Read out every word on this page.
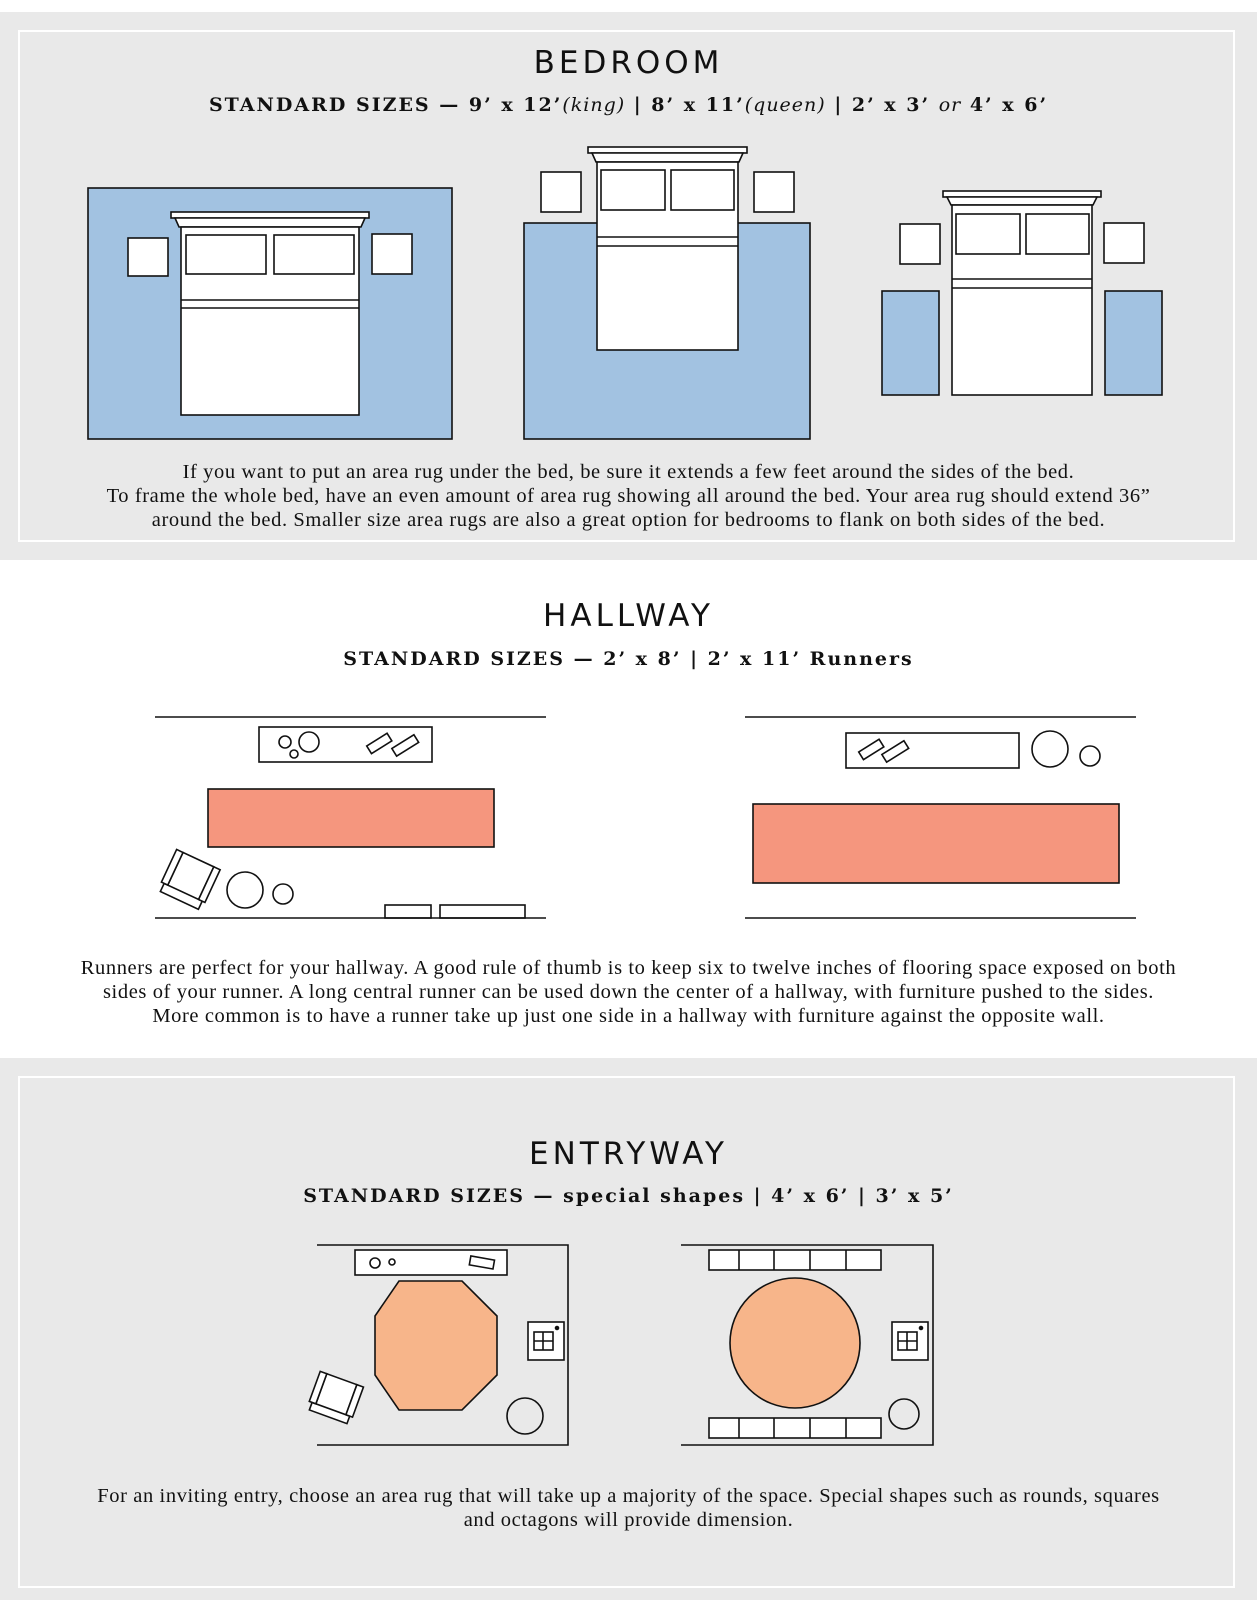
BEDROOM
STANDARD SIZES — 9’ x 12’(king) | 8’ x 11’(queen) | 2’ x 3’ or 4’ x 6’
If you want to put an area rug under the bed, be sure it extends a few feet around the sides of the bed.
To frame the whole bed, have an even amount of area rug showing all around the bed. Your area rug should extend 36”
around the bed. Smaller size area rugs are also a great option for bedrooms to flank on both sides of the bed.
HALLWAY
STANDARD SIZES — 2’ x 8’ | 2’ x 11’ Runners
Runners are perfect for your hallway. A good rule of thumb is to keep six to twelve inches of flooring space exposed on both
sides of your runner. A long central runner can be used down the center of a hallway, with furniture pushed to the sides.
More common is to have a runner take up just one side in a hallway with furniture against the opposite wall.
ENTRYWAY
STANDARD SIZES — special shapes | 4’ x 6’ | 3’ x 5’
For an inviting entry, choose an area rug that will take up a majority of the space. Special shapes such as rounds, squares
and octagons will provide dimension.
